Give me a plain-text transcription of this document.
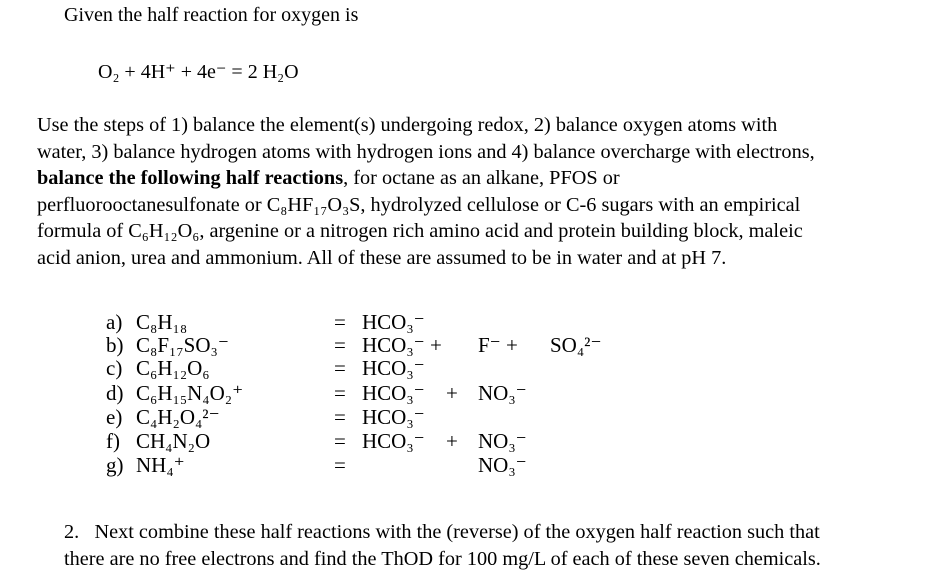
Given the half reaction for oxygen is
O₂ + 4H⁺ + 4e⁻ = 2 H₂O
Use the steps of 1) balance the element(s) undergoing redox, 2) balance oxygen atoms with
water, 3) balance hydrogen atoms with hydrogen ions and 4) balance overcharge with electrons,
balance the following half reactions, for octane as an alkane, PFOS or
perfluorooctanesulfonate or C₈HF₁₇O₃S, hydrolyzed cellulose or C-6 sugars with an empirical
formula of C₆H₁₂O₆, argenine or a nitrogen rich amino acid and protein building block, maleic
acid anion, urea and ammonium. All of these are assumed to be in water and at pH 7.
a) C₈H₁₈	= HCO₃⁻
b) C₈F₁₇SO₃⁻	= HCO₃⁻ + F⁻ + SO₄²⁻
c) C₆H₁₂O₆	= HCO₃⁻
d) C₆H₁₅N₄O₂⁺	= HCO₃⁻ + NO₃⁻
e) C₄H₂O₄²⁻	= HCO₃⁻
f) CH₄N₂O	= HCO₃⁻ + NO₃⁻
g) NH₄⁺	=	NO₃⁻
2. Next combine these half reactions with the (reverse) of the oxygen half reaction such that
there are no free electrons and find the ThOD for 100 mg/L of each of these seven chemicals.
